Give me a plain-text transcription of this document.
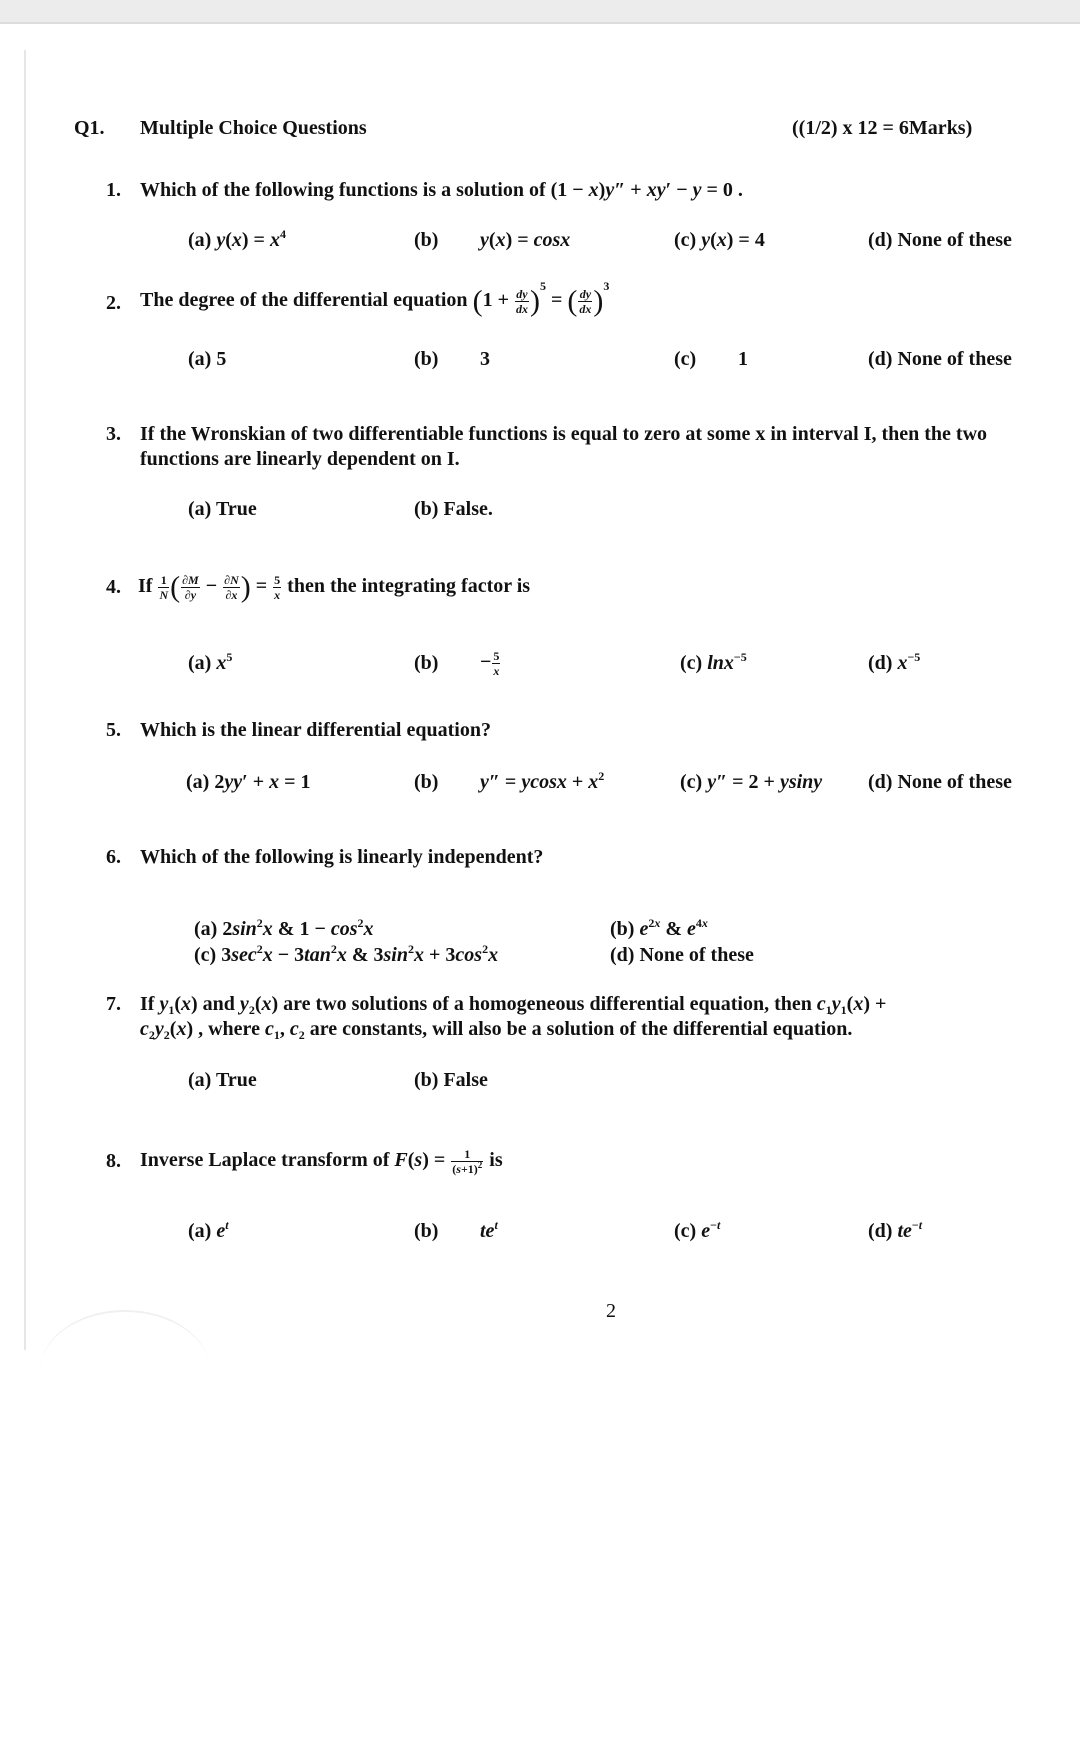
Q1. Multiple Choice Questions	((1/2) x 12 = 6Marks)
1. Which of the following functions is a solution of (1 − x)y″ + xy′ − y = 0 .
(a) $y(x) = x^4$	(b) y(x) = cosx	(c) y(x) = 4	(d) None of these
2. The degree of the differential equation $(1 + \frac{dy}{dx} )^5$ = ( $\frac{dy}{dx} )^3$
(a) 5	(b) 3	(c) 1	(d) None of these
3. If the Wronskian of two differentiable functions is equal to zero at some x in interval I, then the two
functions are linearly dependent on I.
(a) True	(b) False.
4. If $\frac{1}{N}$ ( $\frac{\partial M}{\partial y} - \frac{\partial N}{\partial x}$ ) = $\frac{5}{x}$ then the integrating factor is
(a) $x^5$	$(b) - \frac{5}{x}$	(c) lnx$^{-5}$	(d) $x^{-5}$
5. Which is the linear differential equation?
(a) 2yy′ + x = 1	(b) $y'' = ycosx + x^2$	(c) y″ = 2 + ysiny (d) None of these
6. Which of the following is linearly independent?
(a) $2\sin^2x$ & $1 - \cos^2x$	(b) $e^{2x}$ & $e^{4x}$
(c) $3\sec^2x - 3\tan^2x$ & $3\sin^2x + 3\cos^2x$	(d) None of these
7. If $y_1(x)$ and $y_2(x)$ are two solutions of a homogeneous differential equation, then $c_1y_1(x)$ +
$c_2y_2(x)$ , where $c_1$, $c_2$ are constants, will also be a solution of the differential equation.
(a) True	(b) False
8. Inverse Laplace transform of $F(s) = \frac{1}{(s+1)^2}$ is
(a) $e^t$	(b) $te^t$	(c) $e^{-t}$	(d) $te^{-t}$
2
